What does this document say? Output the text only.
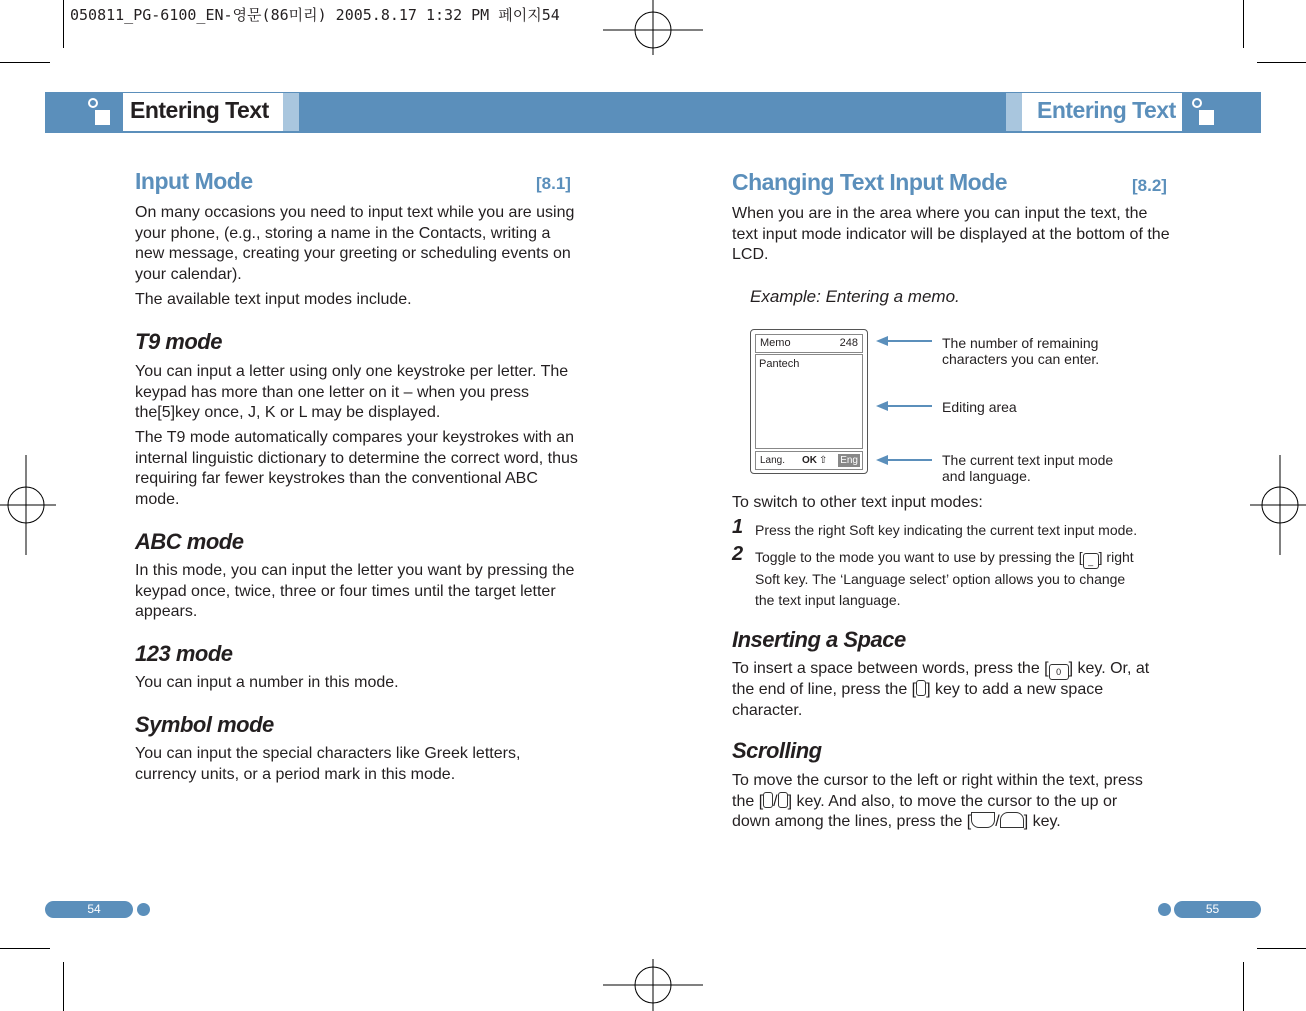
050811_PG-6100_EN-영문(86미리) 2005.8.17 1:32 PM 페이지54
Entering Text	Entering Text
Input Mode	[8.1]
On many occasions you need to input text while you are using your phone, (e.g., storing a name in the Contacts, writing a new message, creating your greeting or scheduling events on your calendar).
The available text input modes include.
T9 mode
You can input a letter using only one keystroke per letter. The keypad has more than one letter on it – when you press the[5]key once, J, K or L may be displayed.
The T9 mode automatically compares your keystrokes with an internal linguistic dictionary to determine the correct word, thus requiring far fewer keystrokes than the conventional ABC mode.
ABC mode
In this mode, you can input the letter you want by pressing the keypad once, twice, three or four times until the target letter appears.
123 mode
You can input a number in this mode.
Symbol mode
You can input the special characters like Greek letters, currency units, or a period mark in this mode.
54
Changing Text Input Mode	[8.2]
When you are in the area where you can input the text, the text input mode indicator will be displayed at the bottom of the LCD.
Example: Entering a memo.
Memo	248
Pantech
Lang. OK ⇧ Eng
The number of remaining
characters you can enter.
Editing area
The current text input mode
and language.
To switch to other text input modes:
1 Press the right Soft key indicating the current text input mode.
2 Toggle to the mode you want to use by pressing the [ _ ] right
Soft key. The ‘Language select’ option allows you to change
the text input language.
Inserting a Space
To insert a space between words, press the [ 0 ] key. Or, at
the end of line, press the [ ] key to add a new space
character.
Scrolling
To move the cursor to the left or right within the text, press
the [ / ] key. And also, to move the cursor to the up or
down among the lines, press the [ / ] key.
55
